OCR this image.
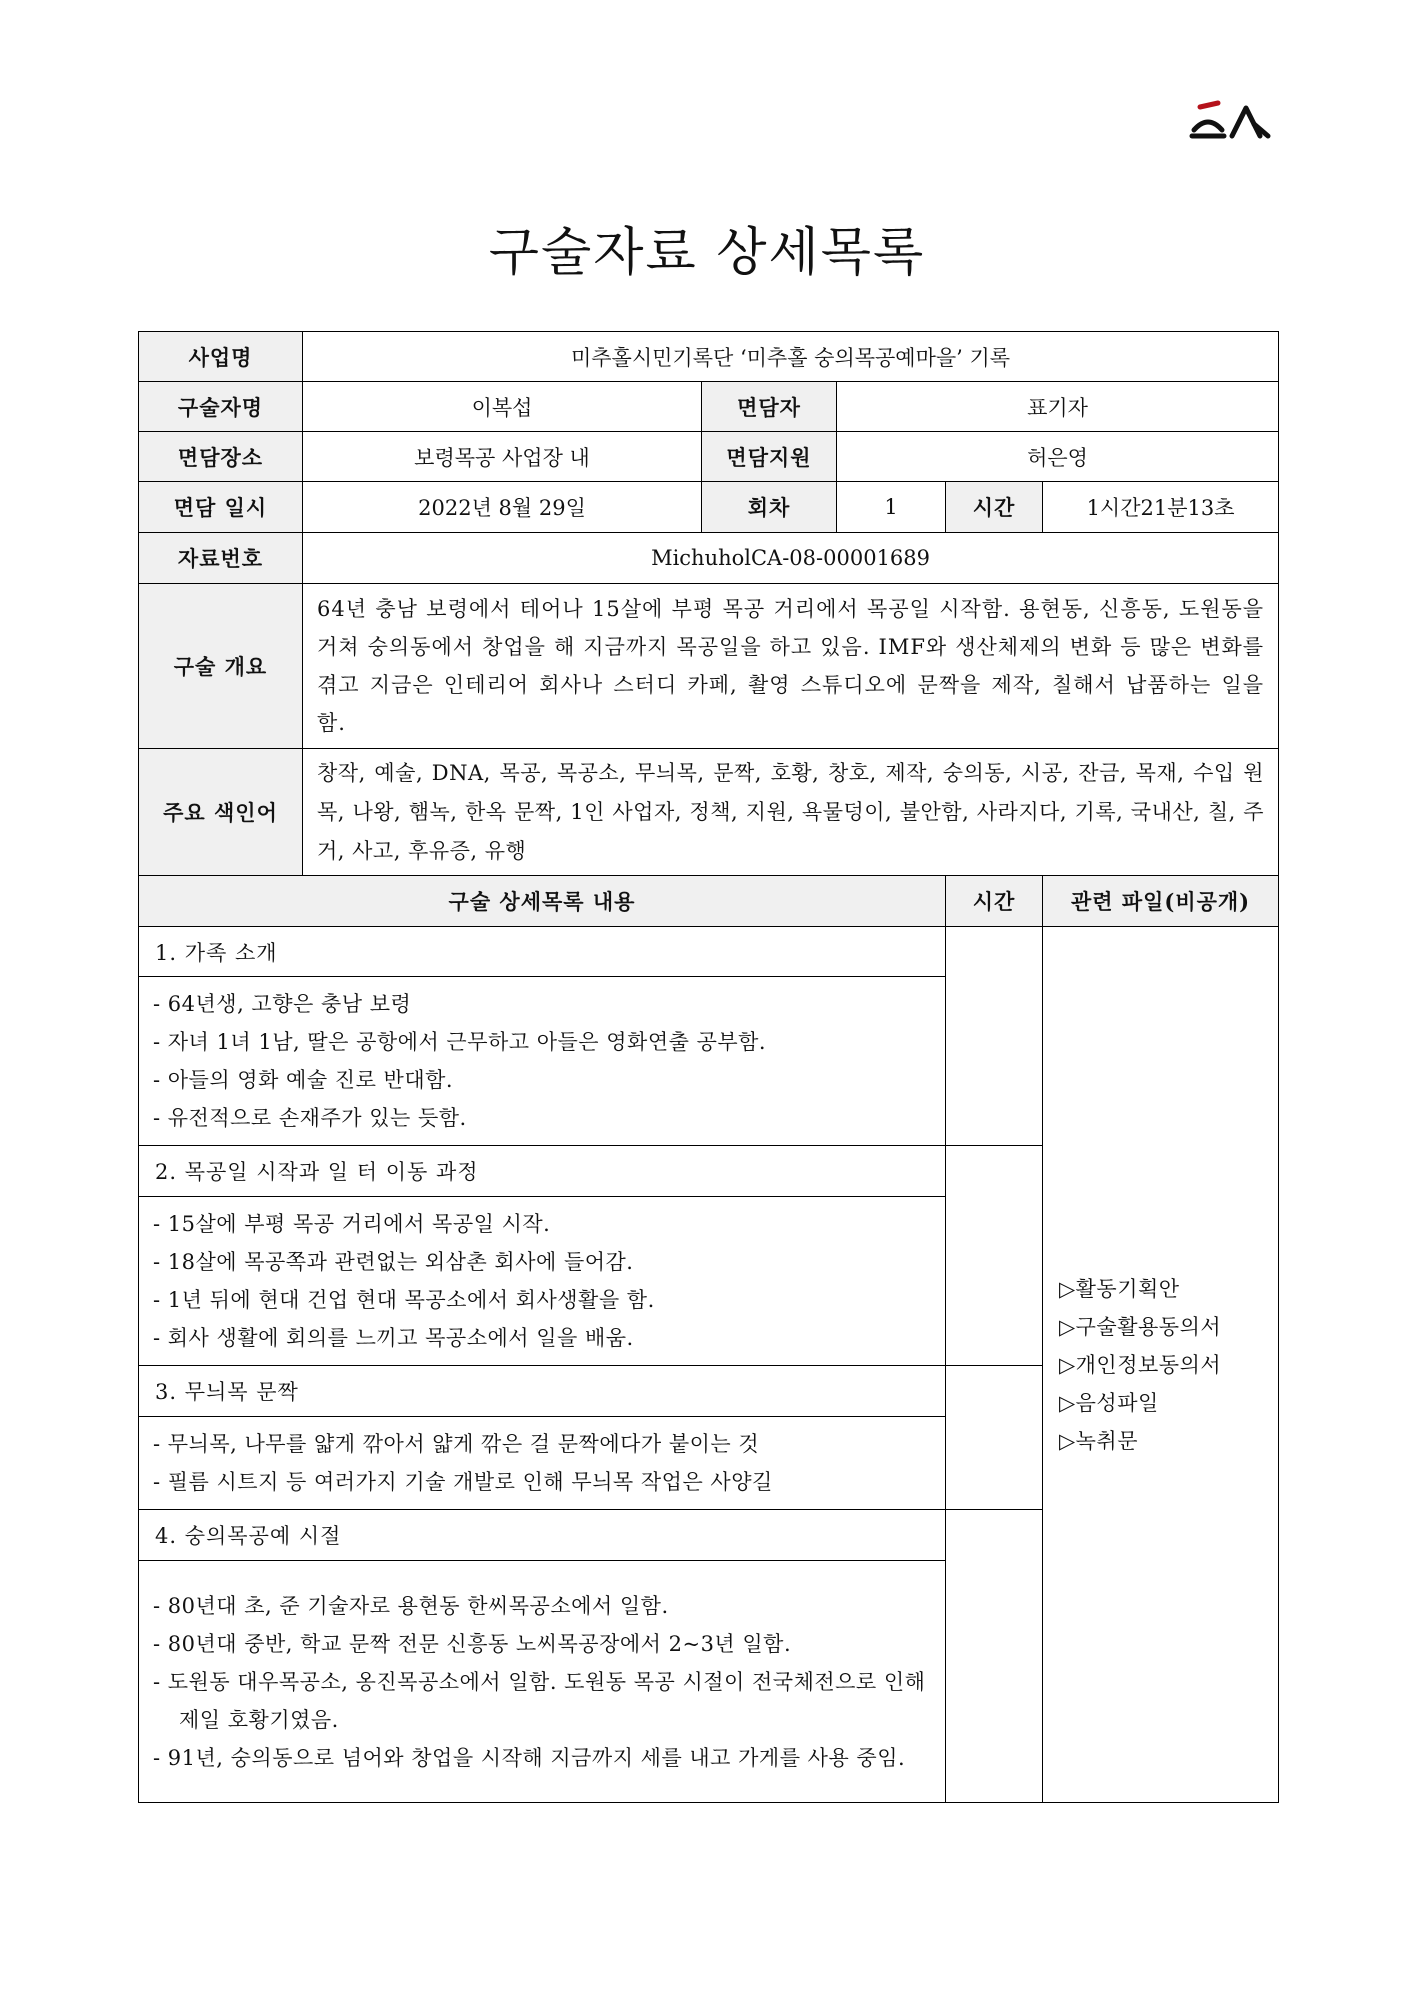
구술자료 상세목록
사업명	미추홀시민기록단 ‘미추홀 숭의목공예마을’ 기록				
구술자명	이복섭	면담자	표기자		
면담장소	보령목공 사업장 내	면담지원	허은영		
면담 일시	2022년 8월 29일	회차	1	시간	1시간21분13초
자료번호	MichuholCA-08-00001689				
구술 개요	64년 충남 보령에서 테어나 15살에 부평 목공 거리에서 목공일 시작함. 용현동, 신흥동, 도원동을 거쳐 숭의동에서 창업을 해 지금까지 목공일을 하고 있음. IMF와 생산체제의 변화 등 많은 변화를 겪고 지금은 인테리어 회사나 스터디 카페, 촬영 스튜디오에 문짝을 제작, 칠해서 납품하는 일을 함.				
주요 색인어	창작, 예술, DNA, 목공, 목공소, 무늬목, 문짝, 호황, 창호, 제작, 숭의동, 시공, 잔금, 목재, 수입 원목, 나왕, 햄녹, 한옥 문짝, 1인 사업자, 정책, 지원, 욕물덩이, 불안함, 사라지다, 기록, 국내산, 칠, 주거, 사고, 후유증, 유행				
구술 상세목록 내용				시간	관련 파일(비공개)
1. 가족 소개					▷활동기획안
▷구술활용동의서
▷개인정보동의서
▷음성파일
▷녹취문

- 64년생, 고향은 충남 보령
- 자녀 1녀 1남, 딸은 공항에서 근무하고 아들은 영화연출 공부함.
- 아들의 영화 예술 진로 반대함.
- 유전적으로 손재주가 있는 듯함.					

2. 목공일 시작과 일 터 이동 과정					

- 15살에 부평 목공 거리에서 목공일 시작.
- 18살에 목공쪽과 관련없는 외삼촌 회사에 들어감.
- 1년 뒤에 현대 건업 현대 목공소에서 회사생활을 함.
- 회사 생활에 회의를 느끼고 목공소에서 일을 배움.					

3. 무늬목 문짝					

- 무늬목, 나무를 얇게 깎아서 얇게 깎은 걸 문짝에다가 붙이는 것
- 필름 시트지 등 여러가지 기술 개발로 인해 무늬목 작업은 사양길					

4. 숭의목공예 시절					

- 80년대 초, 준 기술자로 용현동 한씨목공소에서 일함.
- 80년대 중반, 학교 문짝 전문 신흥동 노씨목공장에서 2~3년 일함.
- 도원동 대우목공소, 옹진목공소에서 일함. 도원동 목공 시절이 전국체전으로 인해 제일 호황기였음.
- 91년, 숭의동으로 넘어와 창업을 시작해 지금까지 세를 내고 가게를 사용 중임.					
